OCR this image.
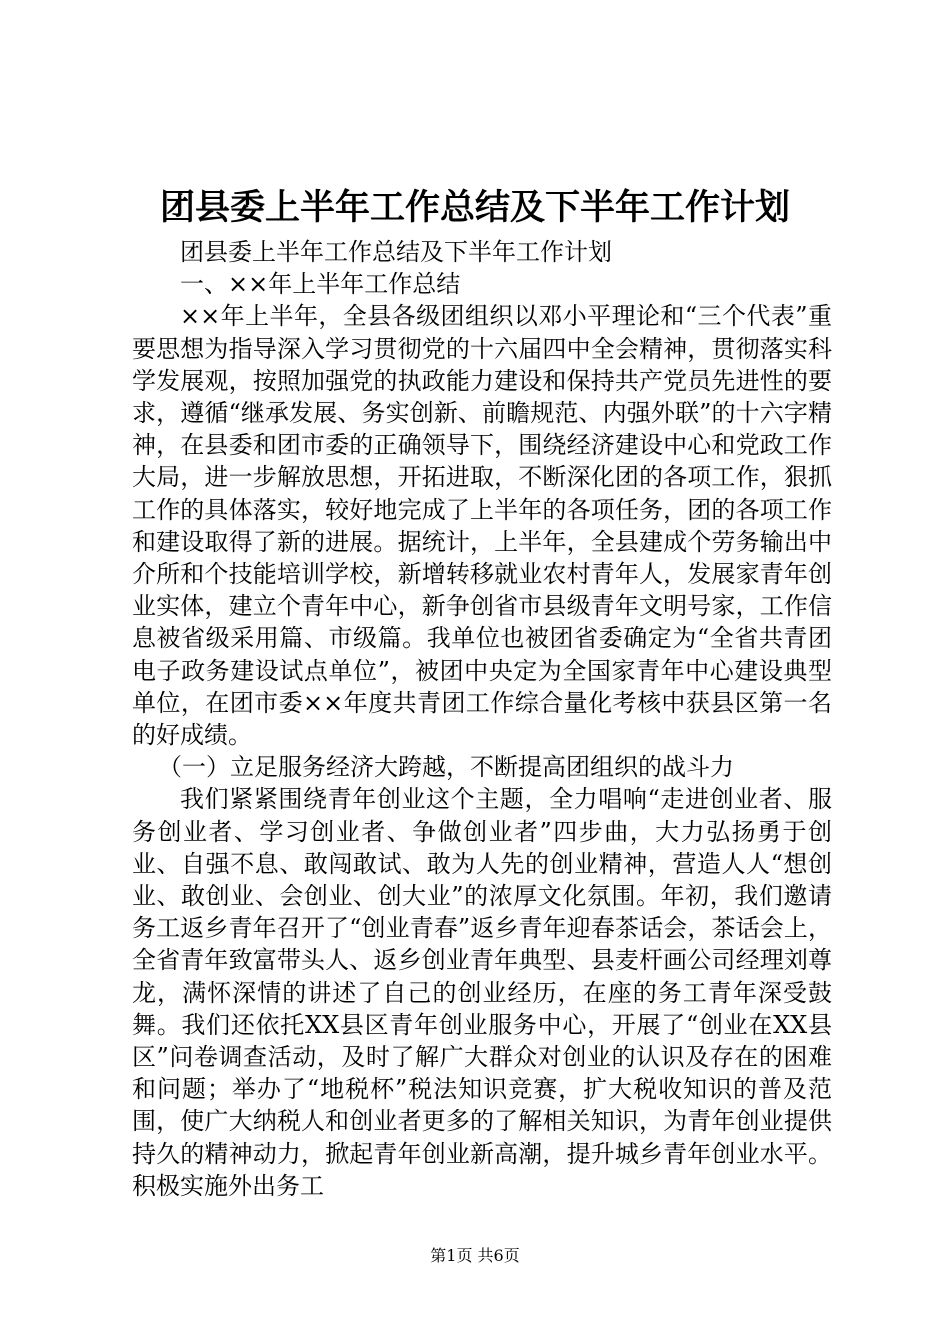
团县委上半年工作总结及下半年工作计划

团县委上半年工作总结及下半年工作计划

一、××年上半年工作总结

××年上半年，全县各级团组织以邓小平理论和“三个代表”重要思想为指导深入学习贯彻党的十六届四中全会精神，贯彻落实科学发展观，按照加强党的执政能力建设和保持共产党员先进性的要求，遵循“继承发展、务实创新、前瞻规范、内强外联”的十六字精神，在县委和团市委的正确领导下，围绕经济建设中心和党政工作大局，进一步解放思想，开拓进取，不断深化团的各项工作，狠抓工作的具体落实，较好地完成了上半年的各项任务，团的各项工作和建设取得了新的进展。据统计，上半年，全县建成个劳务输出中介所和个技能培训学校，新增转移就业农村青年人，发展家青年创业实体，建立个青年中心，新争创省市县级青年文明号家，工作信息被省级采用篇、市级篇。我单位也被团省委确定为“全省共青团电子政务建设试点单位”，被团中央定为全国家青年中心建设典型单位，在团市委××年度共青团工作综合量化考核中获县区第一名的好成绩。

（一）立足服务经济大跨越，不断提高团组织的战斗力

我们紧紧围绕青年创业这个主题，全力唱响“走进创业者、服务创业者、学习创业者、争做创业者”四步曲，大力弘扬勇于创业、自强不息、敢闯敢试、敢为人先的创业精神，营造人人“想创业、敢创业、会创业、创大业”的浓厚文化氛围。年初，我们邀请务工返乡青年召开了“创业青春”返乡青年迎春茶话会，茶话会上，全省青年致富带头人、返乡创业青年典型、县麦杆画公司经理刘尊龙，满怀深情的讲述了自己的创业经历，在座的务工青年深受鼓舞。我们还依托XX县区青年创业服务中心，开展了“创业在XX县区”问卷调查活动，及时了解广大群众对创业的认识及存在的困难和问题；举办了“地税杯”税法知识竞赛，扩大税收知识的普及范围，使广大纳税人和创业者更多的了解相关知识，为青年创业提供持久的精神动力，掀起青年创业新高潮，提升城乡青年创业水平。积极实施外出务工

第1页 共6页
